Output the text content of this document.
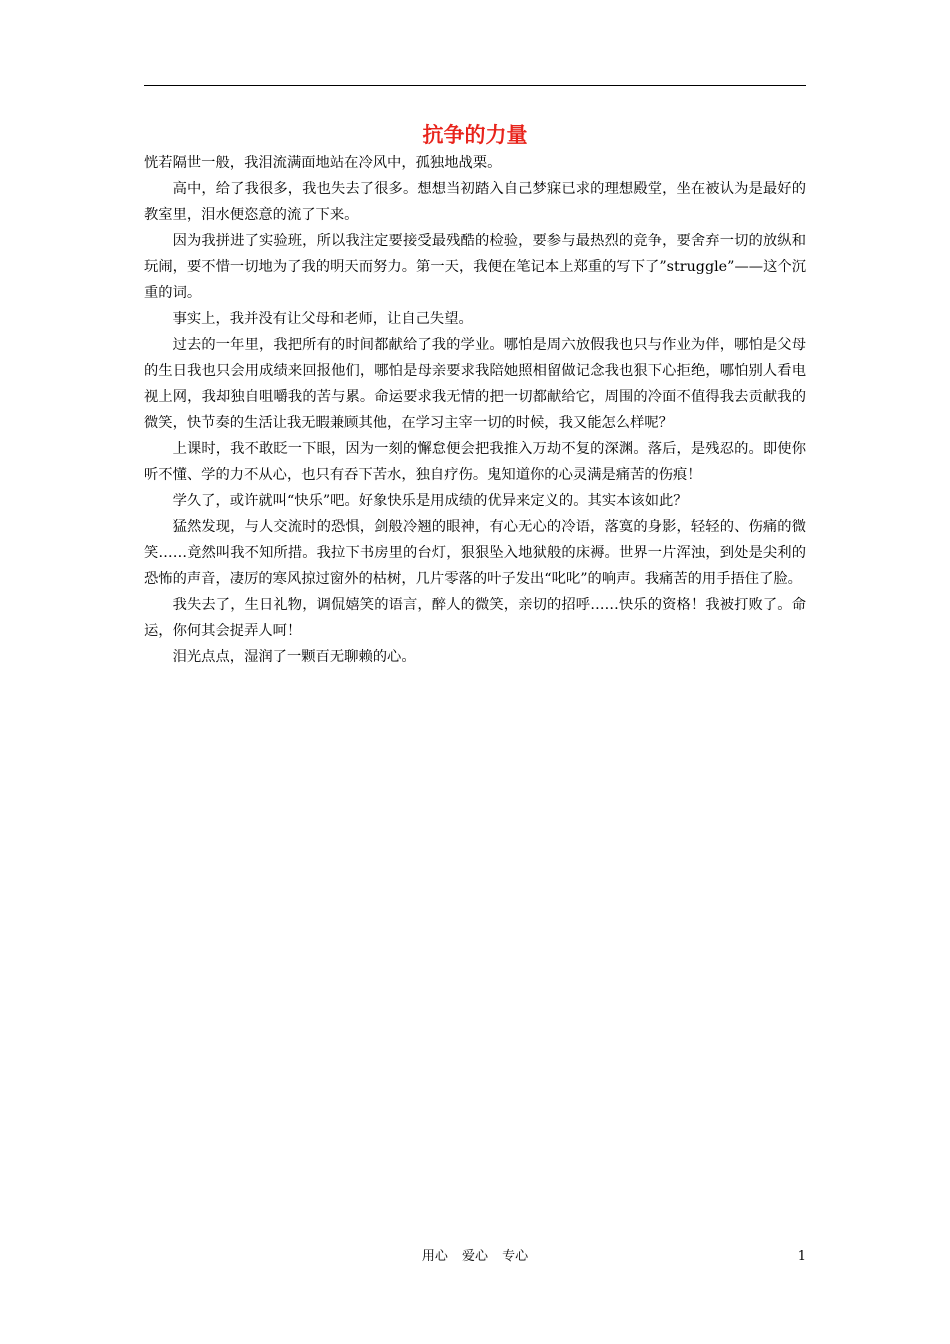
抗争的力量

恍若隔世一般，我泪流满面地站在冷风中，孤独地战栗。

高中，给了我很多，我也失去了很多。想想当初踏入自己梦寐已求的理想殿堂，坐在被认为是最好的教室里，泪水便恣意的流了下来。

因为我拼进了实验班，所以我注定要接受最残酷的检验，要参与最热烈的竞争，要舍弃一切的放纵和玩闹，要不惜一切地为了我的明天而努力。第一天，我便在笔记本上郑重的写下了”struggle”——这个沉重的词。

事实上，我并没有让父母和老师，让自己失望。

过去的一年里，我把所有的时间都献给了我的学业。哪怕是周六放假我也只与作业为伴，哪怕是父母的生日我也只会用成绩来回报他们，哪怕是母亲要求我陪她照相留做记念我也狠下心拒绝，哪怕别人看电视上网，我却独自咀嚼我的苦与累。命运要求我无情的把一切都献给它，周围的冷面不值得我去贡献我的微笑，快节奏的生活让我无暇兼顾其他，在学习主宰一切的时候，我又能怎么样呢？

上课时，我不敢眨一下眼，因为一刻的懈怠便会把我推入万劫不复的深渊。落后，是残忍的。即使你听不懂、学的力不从心，也只有吞下苦水，独自疗伤。鬼知道你的心灵满是痛苦的伤痕！

学久了，或许就叫“快乐”吧。好象快乐是用成绩的优异来定义的。其实本该如此？

猛然发现，与人交流时的恐惧，剑般冷翘的眼神，有心无心的冷语，落寞的身影，轻轻的、伤痛的微笑……竟然叫我不知所措。我拉下书房里的台灯，狠狠坠入地狱般的床褥。世界一片浑浊，到处是尖利的恐怖的声音，凄厉的寒风掠过窗外的枯树，几片零落的叶子发出“叱叱”的响声。我痛苦的用手捂住了脸。

我失去了，生日礼物，调侃嬉笑的语言，醉人的微笑，亲切的招呼……快乐的资格！我被打败了。命运，你何其会捉弄人呵！

泪光点点，湿润了一颗百无聊赖的心。

用心 爱心 专心	1
